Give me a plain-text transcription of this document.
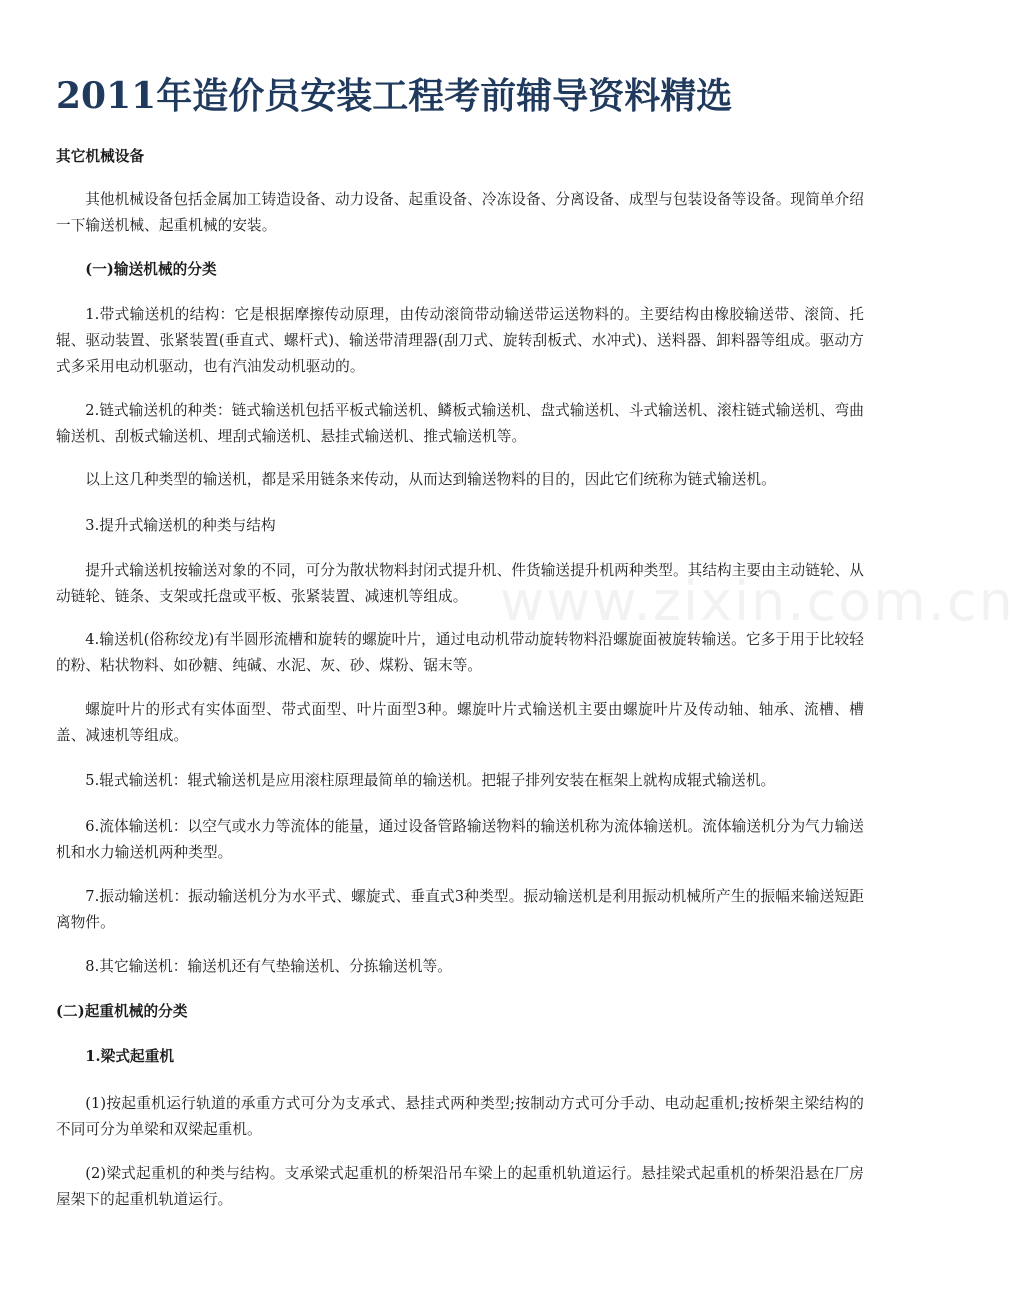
2011年造价员安装工程考前辅导资料精选

其它机械设备

其他机械设备包括金属加工铸造设备、动力设备、起重设备、冷冻设备、分离设备、成型与包装设备等设备。现简单介绍一下输送机械、起重机械的安装。

(一)输送机械的分类

1.带式输送机的结构：它是根据摩擦传动原理，由传动滚筒带动输送带运送物料的。主要结构由橡胶输送带、滚筒、托辊、驱动装置、张紧装置(垂直式、螺杆式)、输送带清理器(刮刀式、旋转刮板式、水冲式)、送料器、卸料器等组成。驱动方式多采用电动机驱动，也有汽油发动机驱动的。

2.链式输送机的种类：链式输送机包括平板式输送机、鳞板式输送机、盘式输送机、斗式输送机、滚柱链式输送机、弯曲输送机、刮板式输送机、埋刮式输送机、悬挂式输送机、推式输送机等。

以上这几种类型的输送机，都是采用链条来传动，从而达到输送物料的目的，因此它们统称为链式输送机。

3.提升式输送机的种类与结构

提升式输送机按输送对象的不同，可分为散状物料封闭式提升机、件货输送提升机两种类型。其结构主要由主动链轮、从动链轮、链条、支架或托盘或平板、张紧装置、减速机等组成。

4.输送机(俗称绞龙)有半圆形流槽和旋转的螺旋叶片，通过电动机带动旋转物料沿螺旋面被旋转输送。它多于用于比较轻的粉、粘状物料、如砂糖、纯碱、水泥、灰、砂、煤粉、锯末等。

螺旋叶片的形式有实体面型、带式面型、叶片面型3种。螺旋叶片式输送机主要由螺旋叶片及传动轴、轴承、流槽、槽盖、减速机等组成。

5.辊式输送机：辊式输送机是应用滚柱原理最简单的输送机。把辊子排列安装在框架上就构成辊式输送机。

6.流体输送机：以空气或水力等流体的能量，通过设备管路输送物料的输送机称为流体输送机。流体输送机分为气力输送机和水力输送机两种类型。

7.振动输送机：振动输送机分为水平式、螺旋式、垂直式3种类型。振动输送机是利用振动机械所产生的振幅来输送短距离物件。

8.其它输送机：输送机还有气垫输送机、分拣输送机等。

(二)起重机械的分类

1.梁式起重机

(1)按起重机运行轨道的承重方式可分为支承式、悬挂式两种类型;按制动方式可分手动、电动起重机;按桥架主梁结构的不同可分为单梁和双梁起重机。

(2)梁式起重机的种类与结构。支承梁式起重机的桥架沿吊车梁上的起重机轨道运行。悬挂梁式起重机的桥架沿悬在厂房屋架下的起重机轨道运行。

www.zixin.com.cn
